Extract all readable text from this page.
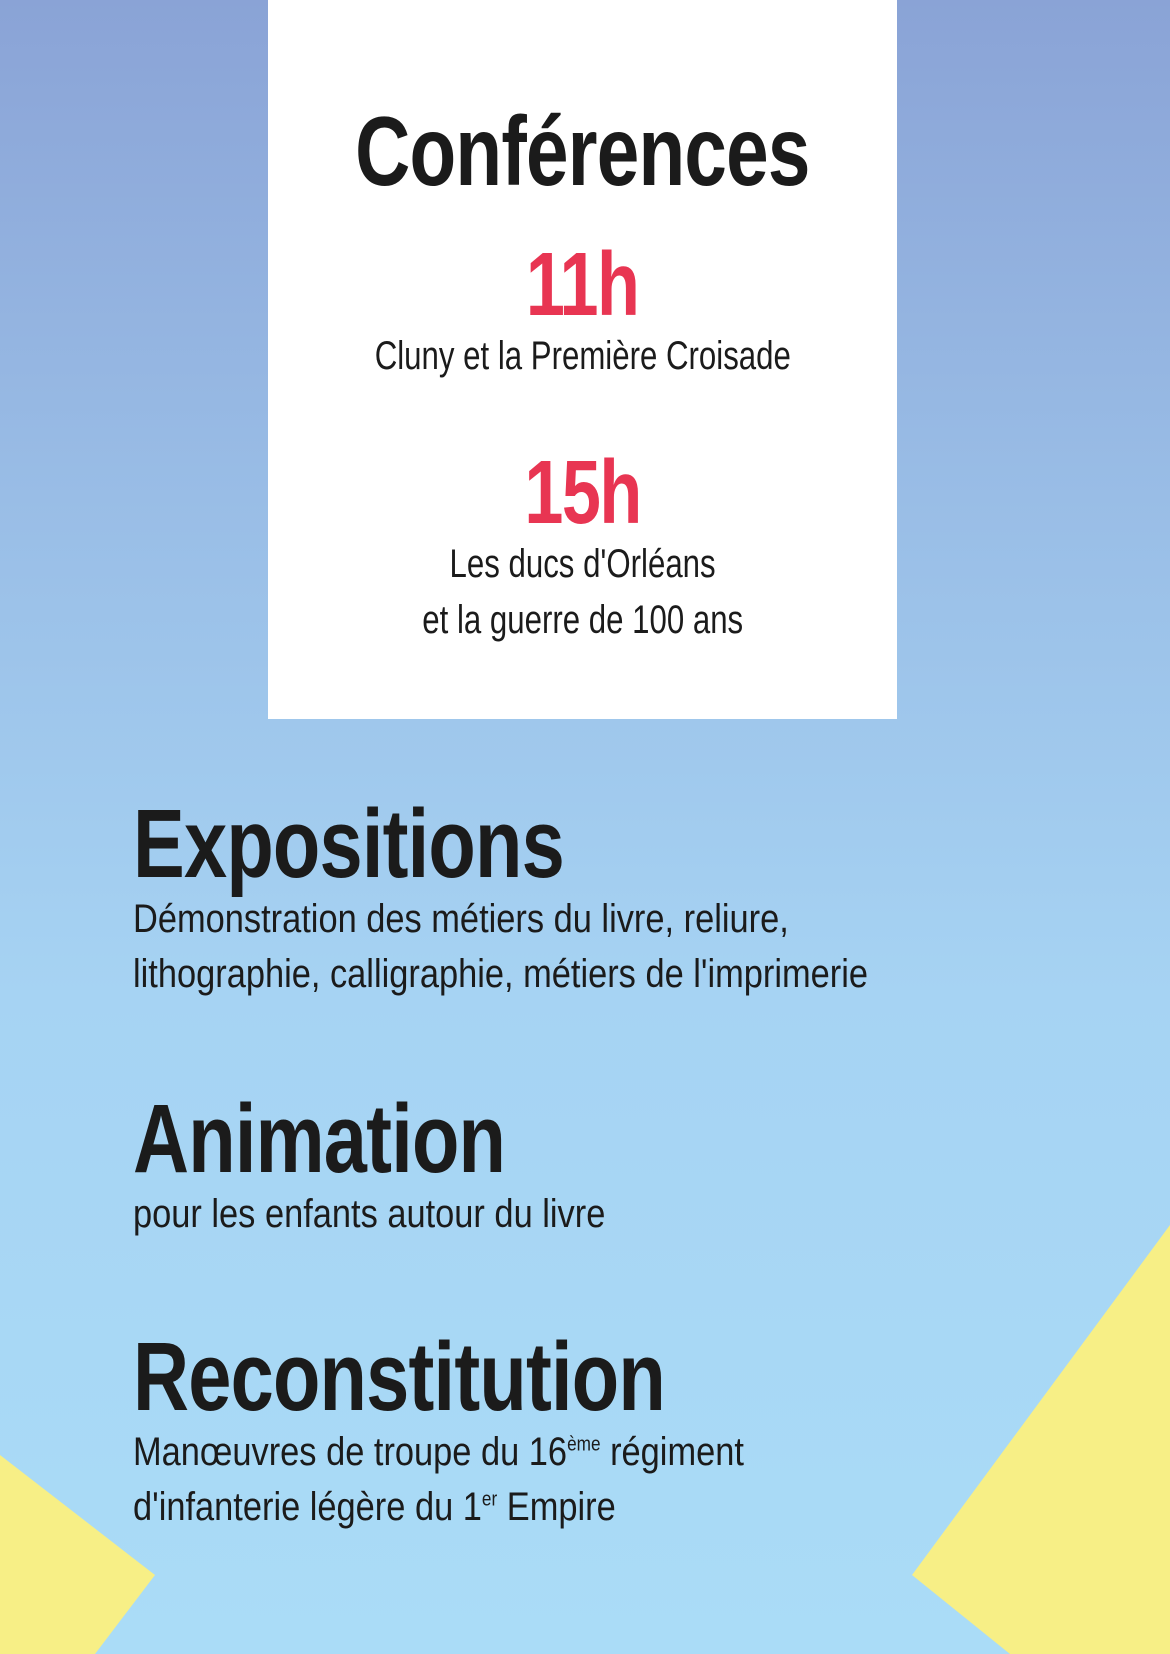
Conférences
11h
Cluny et la Première Croisade
15h
Les ducs d'Orléans
et la guerre de 100 ans
Expositions
Démonstration des métiers du livre, reliure,
lithographie, calligraphie, métiers de l'imprimerie
Animation
pour les enfants autour du livre
Reconstitution
Manœuvres de troupe du 16ème régiment
d'infanterie légère du 1er Empire
